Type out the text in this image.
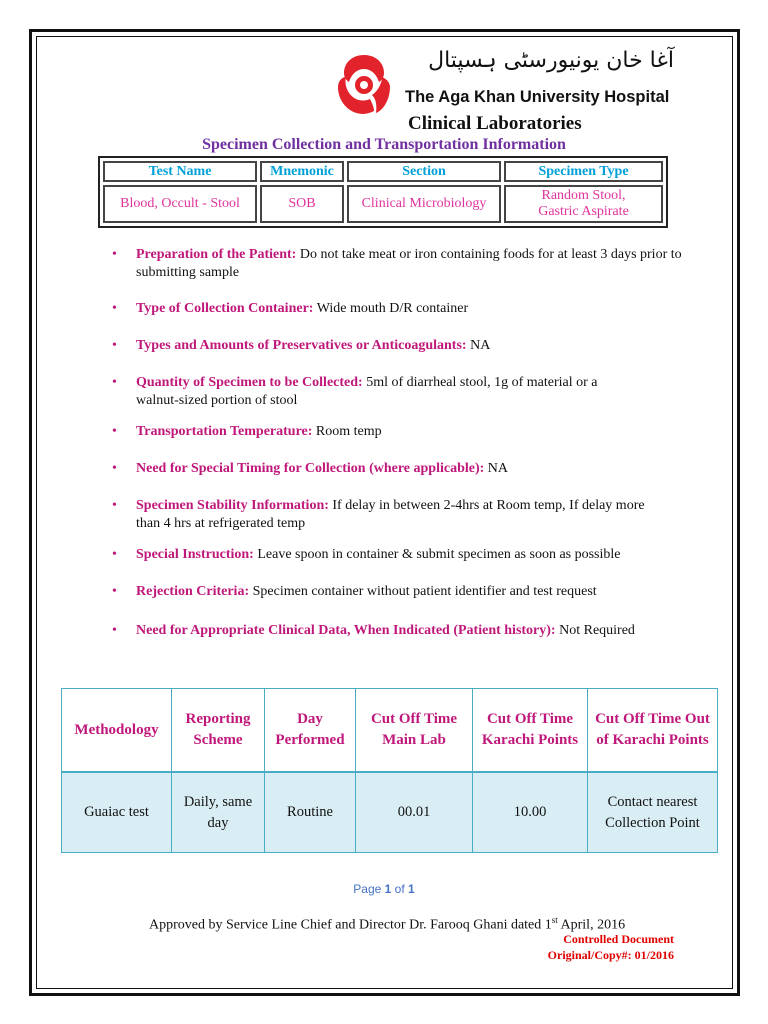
آغا خان یونیورسٹی ہسپتال
The Aga Khan University Hospital
Clinical Laboratories
Specimen Collection and Transportation Information
Test Name	Mnemonic	Section	Specimen Type
Blood, Occult - Stool	SOB	Clinical Microbiology	Random Stool,
Gastric Aspirate
• Preparation of the Patient: Do not take meat or iron containing foods for at least 3 days prior to submitting sample
• Type of Collection Container: Wide mouth D/R container
• Types and Amounts of Preservatives or Anticoagulants: NA
• Quantity of Specimen to be Collected: 5ml of diarrheal stool, 1g of material or a walnut-sized portion of stool
• Transportation Temperature: Room temp
• Need for Special Timing for Collection (where applicable): NA
• Specimen Stability Information: If delay in between 2-4hrs at Room temp, If delay more than 4 hrs at refrigerated temp
• Special Instruction: Leave spoon in container & submit specimen as soon as possible
• Rejection Criteria: Specimen container without patient identifier and test request
• Need for Appropriate Clinical Data, When Indicated (Patient history): Not Required
Methodology	Reporting Scheme	Day Performed	Cut Off Time Main Lab	Cut Off Time Karachi Points	Cut Off Time Out of Karachi Points
Guaiac test	Daily, same day	Routine	00.01	10.00	Contact nearest Collection Point
Page 1 of 1
Approved by Service Line Chief and Director Dr. Farooq Ghani dated 1st April, 2016
Controlled Document
Original/Copy#: 01/2016
